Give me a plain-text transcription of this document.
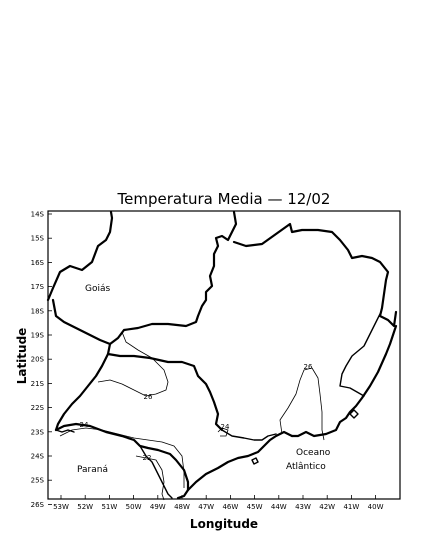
Temperatura Media — 12/02
14S
15S
16S
17S
18S
19S
20S
21S
22S
23S
24S
25S
26S 53W 52W 51W 50W 49W 48W 47W 46W 45W 44W 43W 42W 41W 40W
Longitude
Latitude
26
26
24
24
22
Goiás
Paraná
Oceano
Atlântico
